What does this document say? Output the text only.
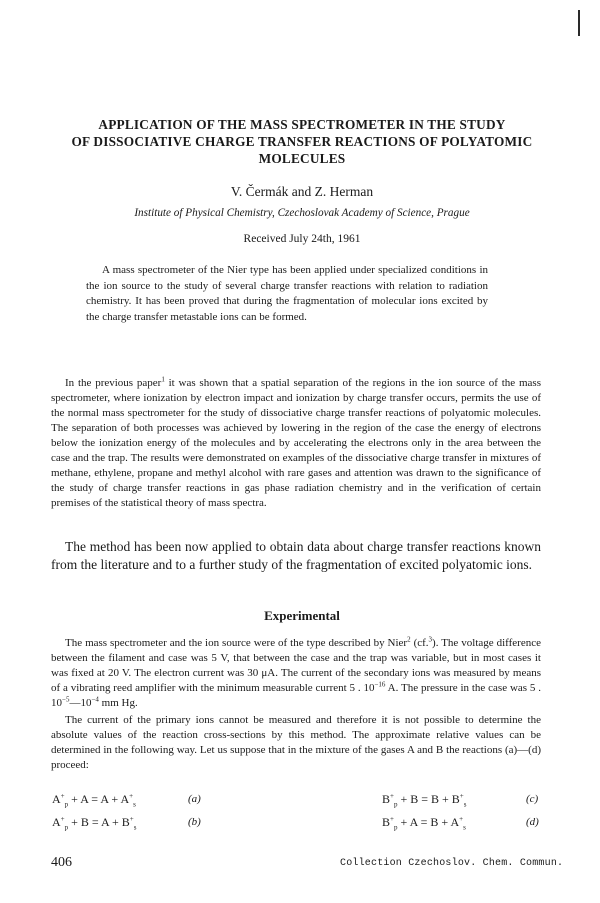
APPLICATION OF THE MASS SPECTROMETER IN THE STUDY
OF DISSOCIATIVE CHARGE TRANSFER REACTIONS OF POLYATOMIC
MOLECULES
V. Čermák and Z. Herman
Institute of Physical Chemistry, Czechoslovak Academy of Science, Prague
Received July 24th, 1961

A mass spectrometer of the Nier type has been applied under specialized conditions in the ion source to the study of several charge transfer reactions with relation to radiation chemistry. It has been proved that during the fragmentation of molecular ions excited by the charge transfer metastable ions can be formed.

In the previous paper$^1$ it was shown that a spatial separation of the regions in the ion source of the mass spectrometer, where ionization by electron impact and ionization by charge transfer occurs, permits the use of the normal mass spectrometer for the study of dissociative charge transfer reactions of polyatomic molecules. The separation of both processes was achieved by lowering in the region of the case the energy of electrons below the ionization energy of the molecules and by accelerating the electrons only in the area between the case and the trap. The results were demonstrated on examples of the dissociative charge transfer in mixtures of methane, ethylene, propane and methyl alcohol with rare gases and attention was drawn to the significance of the study of charge transfer reactions in gas phase radiation chemistry and in the verification of certain premises of the statistical theory of mass spectra.

The method has been now applied to obtain data about charge transfer reactions known from the literature and to a further study of the fragmentation of excited polyatomic ions.

Experimental

The mass spectrometer and the ion source were of the type described by Nier$^2$ (cf.$^3$). The voltage difference between the filament and case was 5 V, that between the case and the trap was variable, but in most cases it was fixed at 20 V. The electron current was 30 μA. The current of the secondary ions was measured by means of a vibrating reed amplifier with the minimum measurable current 5 . $10^{-16}$ A. The pressure in the case was 5 . $10^{-5}—10^{-4}$ mm Hg.

The current of the primary ions cannot be measured and therefore it is not possible to determine the absolute values of the reaction cross-sections by this method. The approximate relative values can be determined in the following way. Let us suppose that in the mixture of the gases A and B the reactions (a)—(d) proceed:

$A^+_p + A = A + A^+_s$	(a)
$A^+_p + B = A + B^+_s$	(b)
$B^+_p + B = B + B^+_s$	(c)
$B^+_p + A = B + A^+_s$	(d)
406	Collection Czechoslov. Chem. Commun.
